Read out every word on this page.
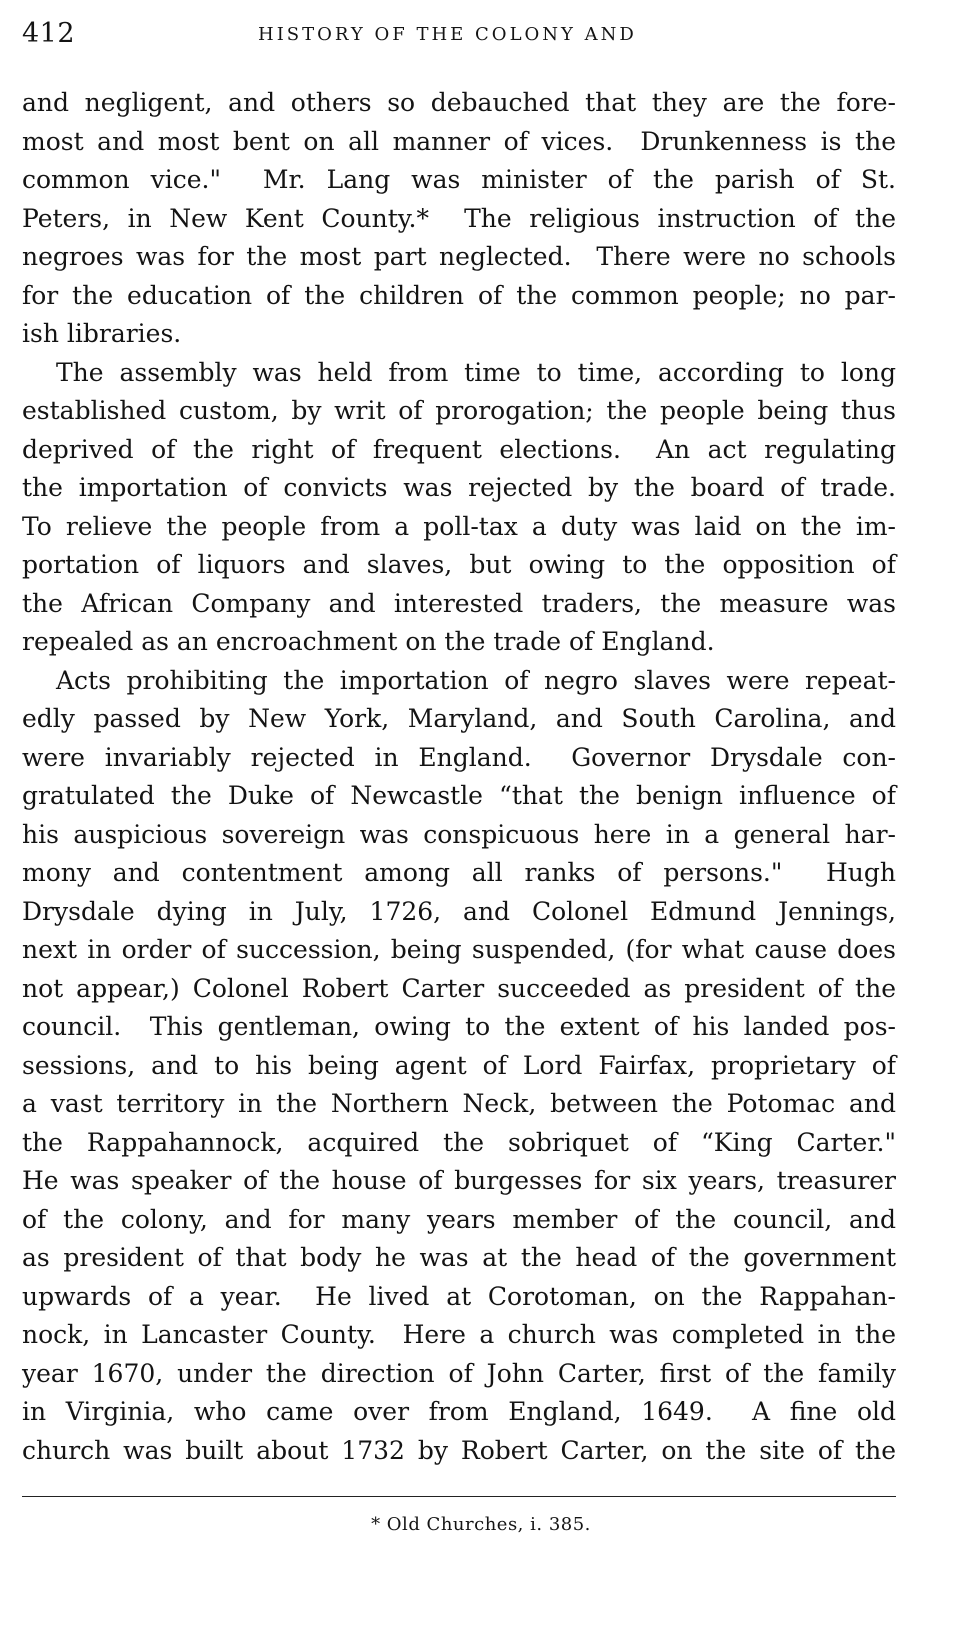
412	HISTORY OF THE COLONY AND
and negligent, and others so debauched that they are the fore-
most and most bent on all manner of vices.  Drunkenness is the
common vice."  Mr. Lang was minister of the parish of St.
Peters, in New Kent County.*  The religious instruction of the
negroes was for the most part neglected.  There were no schools
for the education of the children of the common people; no par-
ish libraries.
The assembly was held from time to time, according to long
established custom, by writ of prorogation; the people being thus
deprived of the right of frequent elections.  An act regulating
the importation of convicts was rejected by the board of trade.
To relieve the people from a poll-tax a duty was laid on the im-
portation of liquors and slaves, but owing to the opposition of
the African Company and interested traders, the measure was
repealed as an encroachment on the trade of England.
Acts prohibiting the importation of negro slaves were repeat-
edly passed by New York, Maryland, and South Carolina, and
were invariably rejected in England.  Governor Drysdale con-
gratulated the Duke of Newcastle “that the benign influence of
his auspicious sovereign was conspicuous here in a general har-
mony and contentment among all ranks of persons."  Hugh
Drysdale dying in July, 1726, and Colonel Edmund Jennings,
next in order of succession, being suspended, (for what cause does
not appear,) Colonel Robert Carter succeeded as president of the
council.  This gentleman, owing to the extent of his landed pos-
sessions, and to his being agent of Lord Fairfax, proprietary of
a vast territory in the Northern Neck, between the Potomac and
the Rappahannock, acquired the sobriquet of “King Carter."
He was speaker of the house of burgesses for six years, treasurer
of the colony, and for many years member of the council, and
as president of that body he was at the head of the government
upwards of a year.  He lived at Corotoman, on the Rappahan-
nock, in Lancaster County.  Here a church was completed in the
year 1670, under the direction of John Carter, first of the family
in Virginia, who came over from England, 1649.  A fine old
church was built about 1732 by Robert Carter, on the site of the
* Old Churches, i. 385.
